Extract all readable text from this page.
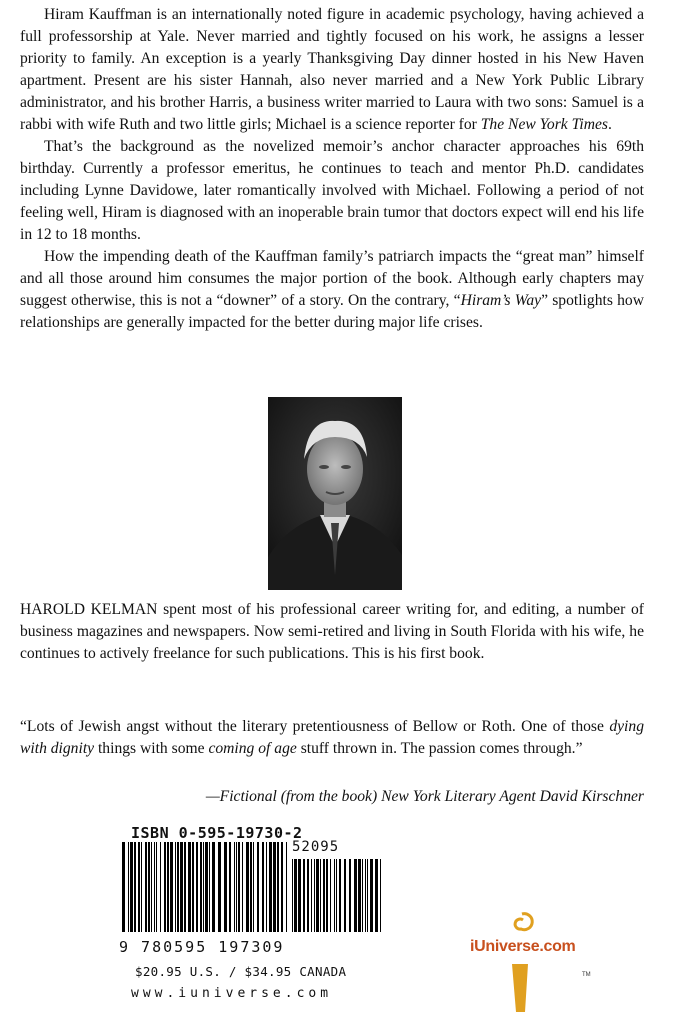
Hiram Kauffman is an internationally noted figure in academic psychology, having achieved a full professorship at Yale. Never married and tightly focused on his work, he assigns a lesser priority to family. An exception is a yearly Thanksgiving Day dinner hosted in his New Haven apartment. Present are his sister Hannah, also never married and a New York Public Library administrator, and his brother Harris, a business writer married to Laura with two sons: Samuel is a rabbi with wife Ruth and two little girls; Michael is a science reporter for The New York Times.

That’s the background as the novelized memoir’s anchor character approaches his 69th birthday. Currently a professor emeritus, he continues to teach and mentor Ph.D. candidates including Lynne Davidowe, later romantically involved with Michael. Following a period of not feeling well, Hiram is diagnosed with an inoperable brain tumor that doctors expect will end his life in 12 to 18 months.

How the impending death of the Kauffman family’s patriarch impacts the “great man” himself and all those around him consumes the major portion of the book. Although early chapters may suggest otherwise, this is not a “downer” of a story. On the contrary, “Hiram’s Way” spotlights how relationships are generally impacted for the better during major life crises.

HAROLD KELMAN spent most of his professional career writing for, and editing, a number of business magazines and newspapers. Now semi-retired and living in South Florida with his wife, he continues to actively freelance for such publications. This is his first book.

“Lots of Jewish angst without the literary pretentiousness of Bellow or Roth. One of those dying with dignity things with some coming of age stuff thrown in. The passion comes through.”

—Fictional (from the book) New York Literary Agent David Kirschner
ISBN 0-595-19730-2
52095
9 780595 197309
$20.95 U.S. / $34.95 CANADA
www.iuniverse.com
TM
iUniverse.com
